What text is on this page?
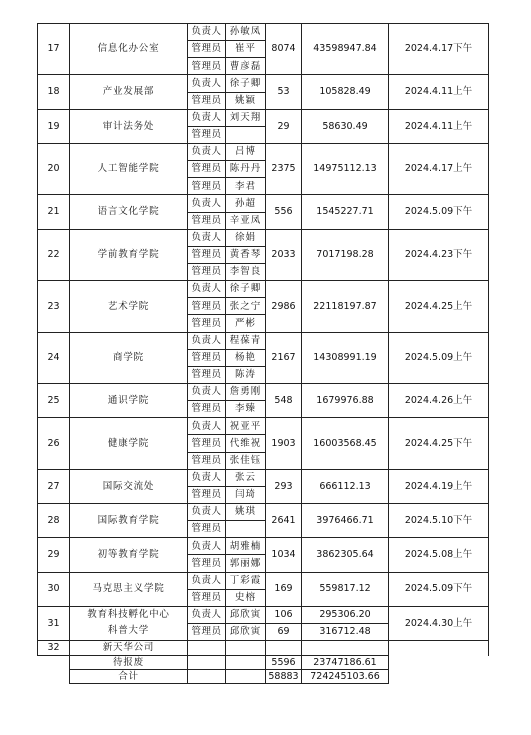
17	信息化办公室	负责人	孙敏凤	8074	43598947.84	2024.4.17下午
		管理员	崔平			
		管理员	曹彦磊			
18	产业发展部	负责人	徐子卿	53	105828.49	2024.4.11上午
		管理员	姚颖			
19	审计法务处	负责人	刘天翔	29	58630.49	2024.4.11上午
		管理员				
20	人工智能学院	负责人	吕博	2375	14975112.13	2024.4.17上午
		管理员	陈丹丹			
		管理员	李君			
21	语言文化学院	负责人	孙超	556	1545227.71	2024.5.09下午
		管理员	辛亚凤			
22	学前教育学院	负责人	徐娟	2033	7017198.28	2024.4.23下午
		管理员	黄香琴			
		管理员	李智良			
23	艺术学院	负责人	徐子卿	2986	22118197.87	2024.4.25上午
		管理员	张之宁			
		管理员	严彬			
24	商学院	负责人	程葆青	2167	14308991.19	2024.5.09上午
		管理员	杨艳			
		管理员	陈涛			
25	通识学院	负责人	詹勇刚	548	1679976.88	2024.4.26上午
		管理员	李臻			
26	健康学院	负责人	祝亚平	1903	16003568.45	2024.4.25下午
		管理员	代维祝			
		管理员	张佳钰			
27	国际交流处	负责人	张云	293	666112.13	2024.4.19上午
		管理员	闫琦			
28	国际教育学院	负责人	姚琪	2641	3976466.71	2024.5.10下午
		管理员				
29	初等教育学院	负责人	胡雅楠	1034	3862305.64	2024.5.08上午
		管理员	郭丽娜			
30	马克思主义学院	负责人	丁彩霞	169	559817.12	2024.5.09下午
		管理员	史榕			
31	教育科技孵化中心
科普大学	负责人	邱欣寅	106	295306.20	2024.4.30上午
		管理员	邱欣寅	69	316712.48	
32	新天华公司					
	待报废			5596	23747186.61	
	合计			58883	724245103.66	
